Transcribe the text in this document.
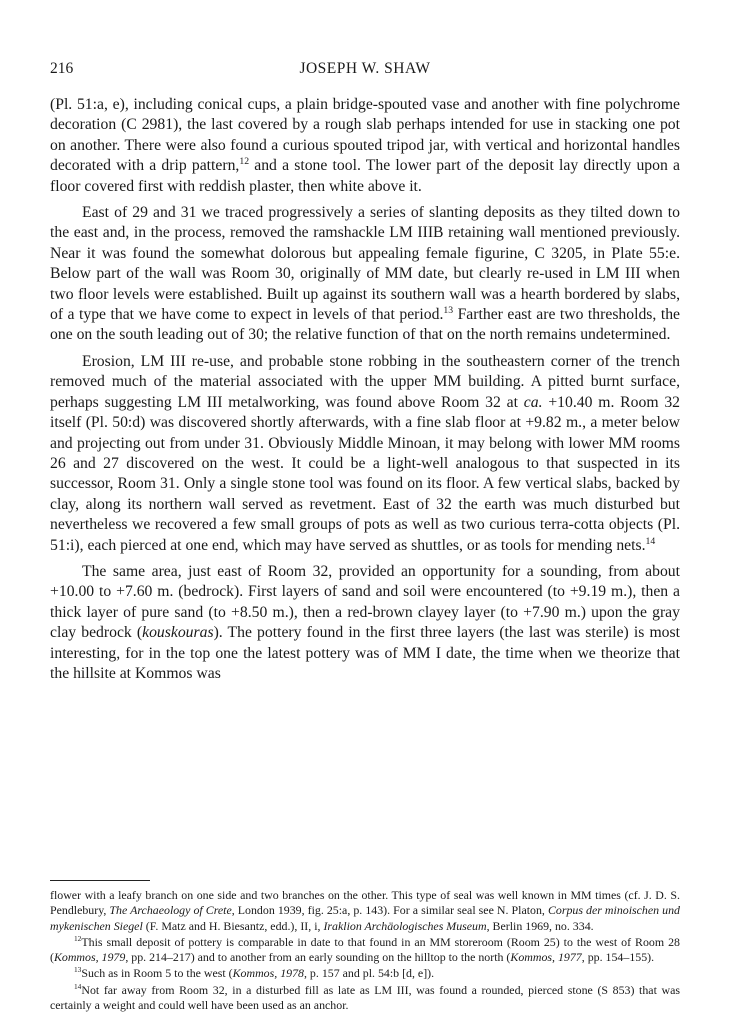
216	JOSEPH W. SHAW

(Pl. 51:a, e), including conical cups, a plain bridge-spouted vase and another with fine polychrome decoration (C 2981), the last covered by a rough slab perhaps intended for use in stacking one pot on another. There were also found a curious spouted tripod jar, with vertical and horizontal handles decorated with a drip pattern,$^{12}$ and a stone tool. The lower part of the deposit lay directly upon a floor covered first with reddish plaster, then white above it.

East of 29 and 31 we traced progressively a series of slanting deposits as they tilted down to the east and, in the process, removed the ramshackle LM IIIB retaining wall mentioned previously. Near it was found the somewhat dolorous but appealing female figurine, C 3205, in Plate 55:e. Below part of the wall was Room 30, originally of MM date, but clearly re-used in LM III when two floor levels were established. Built up against its southern wall was a hearth bordered by slabs, of a type that we have come to expect in levels of that period.$^{13}$ Farther east are two thresholds, the one on the south leading out of 30; the relative function of that on the north remains undetermined.

Erosion, LM III re-use, and probable stone robbing in the southeastern corner of the trench removed much of the material associated with the upper MM building. A pitted burnt surface, perhaps suggesting LM III metalworking, was found above Room 32 at ca. +10.40 m. Room 32 itself (Pl. 50:d) was discovered shortly afterwards, with a fine slab floor at +9.82 m., a meter below and projecting out from under 31. Obviously Middle Minoan, it may belong with lower MM rooms 26 and 27 discovered on the west. It could be a light-well analogous to that suspected in its successor, Room 31. Only a single stone tool was found on its floor. A few vertical slabs, backed by clay, along its northern wall served as revetment. East of 32 the earth was much disturbed but nevertheless we recovered a few small groups of pots as well as two curious terra-cotta objects (Pl. 51:i), each pierced at one end, which may have served as shuttles, or as tools for mending nets.$^{14}$

The same area, just east of Room 32, provided an opportunity for a sounding, from about +10.00 to +7.60 m. (bedrock). First layers of sand and soil were encountered (to +9.19 m.), then a thick layer of pure sand (to +8.50 m.), then a red-brown clayey layer (to +7.90 m.) upon the gray clay bedrock (kouskouras). The pottery found in the first three layers (the last was sterile) is most interesting, for in the top one the latest pottery was of MM I date, the time when we theorize that the hillsite at Kommos was

flower with a leafy branch on one side and two branches on the other. This type of seal was well known in MM times (cf. J. D. S. Pendlebury, The Archaeology of Crete, London 1939, fig. 25:a, p. 143). For a similar seal see N. Platon, Corpus der minoischen und mykenischen Siegel (F. Matz and H. Biesantz, edd.), II, i, Iraklion Archäologisches Museum, Berlin 1969, no. 334.

$^{12}$This small deposit of pottery is comparable in date to that found in an MM storeroom (Room 25) to the west of Room 28 (Kommos, 1979, pp. 214–217) and to another from an early sounding on the hilltop to the north (Kommos, 1977, pp. 154–155).

$^{13}$Such as in Room 5 to the west (Kommos, 1978, p. 157 and pl. 54:b [d, e]).

$^{14}$Not far away from Room 32, in a disturbed fill as late as LM III, was found a rounded, pierced stone (S 853) that was certainly a weight and could well have been used as an anchor.
